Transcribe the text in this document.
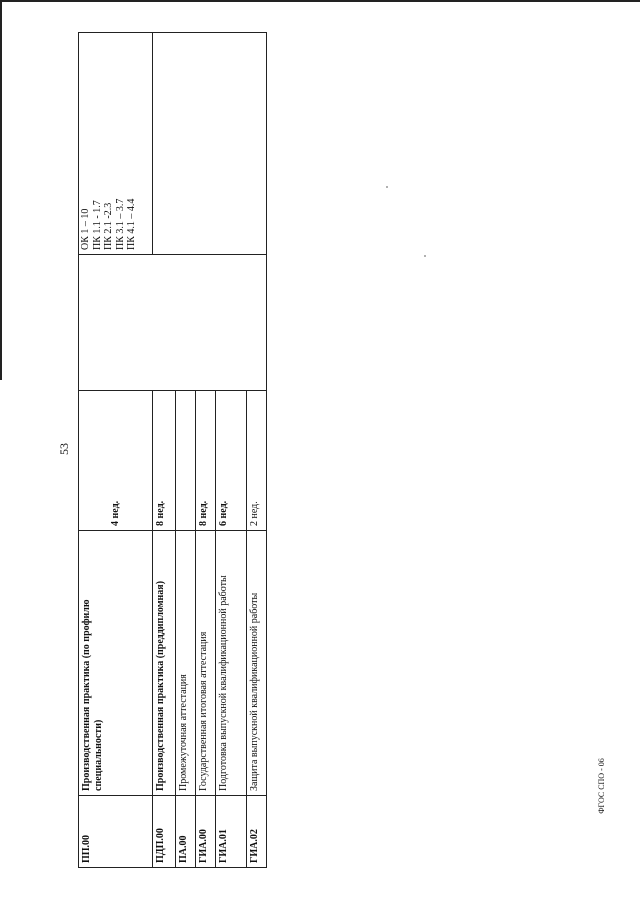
53
ПП.00	Производственная практика (по профилю специальности)	4 нед.		ОК 1 – 10 ПК 1.1 - 1.7 ПК 2.1 -2.3 ПК 3.1 – 3.7 ПК 4.1 – 4.4

ПДП.00	Производственная практика (преддипломная)	8 нед.		
ПА.00	Промежуточная аттестация			
ГИА.00	Государственная итоговая аттестация	8 нед.		
ГИА.01	Подготовка выпускной квалификационной работы	6 нед.		
ГИА.02	Защита выпускной квалификационной работы	2 нед.		
ФГОС СПО - 06
